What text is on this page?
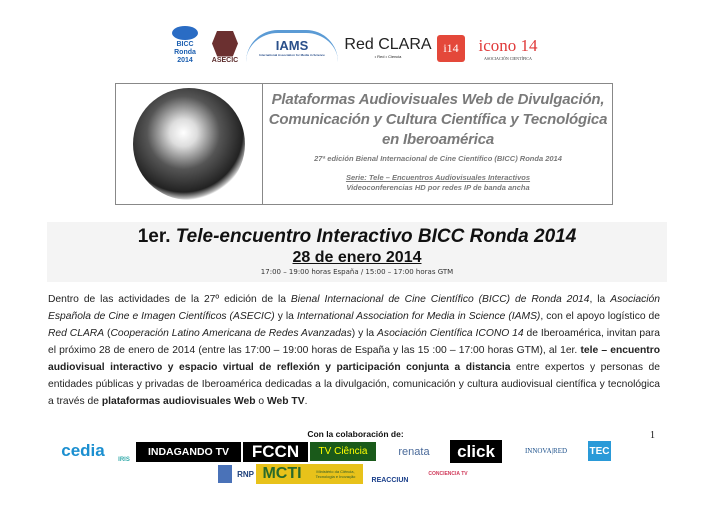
BICC Ronda 2014	ASECIC
IAMS
International Association for Media in Science
Red CLARA
• Red • Ciencia
i14	icono 14
ASOCIACIÓN CIENTÍFICA
Plataformas Audiovisuales Web de Divulgación, Comunicación y Cultura Científica y Tecnológica en Iberoamérica
27ª edición Bienal Internacional de Cine Científico (BICC) Ronda 2014
Serie: Tele – Encuentros Audiovisuales Interactivos
Videoconferencias HD por redes IP de banda ancha
1er. Tele-encuentro Interactivo BICC Ronda 2014
28 de enero 2014
17:00 – 19:00 horas España / 15:00 – 17:00 horas GTM
Dentro de las actividades de la 27º edición de la Bienal Internacional de Cine Científico (BICC) de Ronda 2014, la Asociación Española de Cine e Imagen Científicos (ASECIC) y la International Association for Media in Science (IAMS), con el apoyo logístico de Red CLARA (Cooperación Latino Americana de Redes Avanzadas) y la Asociación Científica ICONO 14 de Iberoamérica, invitan para el próximo 28 de enero de 2014 (entre las 17:00 – 19:00 horas de España y las 15 :00 – 17:00 horas GTM), al 1er. tele – encuentro audiovisual interactivo y espacio virtual de reflexión y participación conjunta a distancia entre expertos y personas de entidades públicas y privadas de Iberoamérica dedicadas a la divulgación, comunicación y cultura audiovisual científica y tecnológica a través de plataformas audiovisuales Web o Web TV.
Con la colaboración de:	1
cedia	IRIS
INDAGANDO TV	FCCN	TV Ciência	renata	click	INNOVA|RED	TEC
RNP MCTI	Ministério da Ciência, Tecnologia e Inovação
REACCIUN
CONCIENCIA TV
